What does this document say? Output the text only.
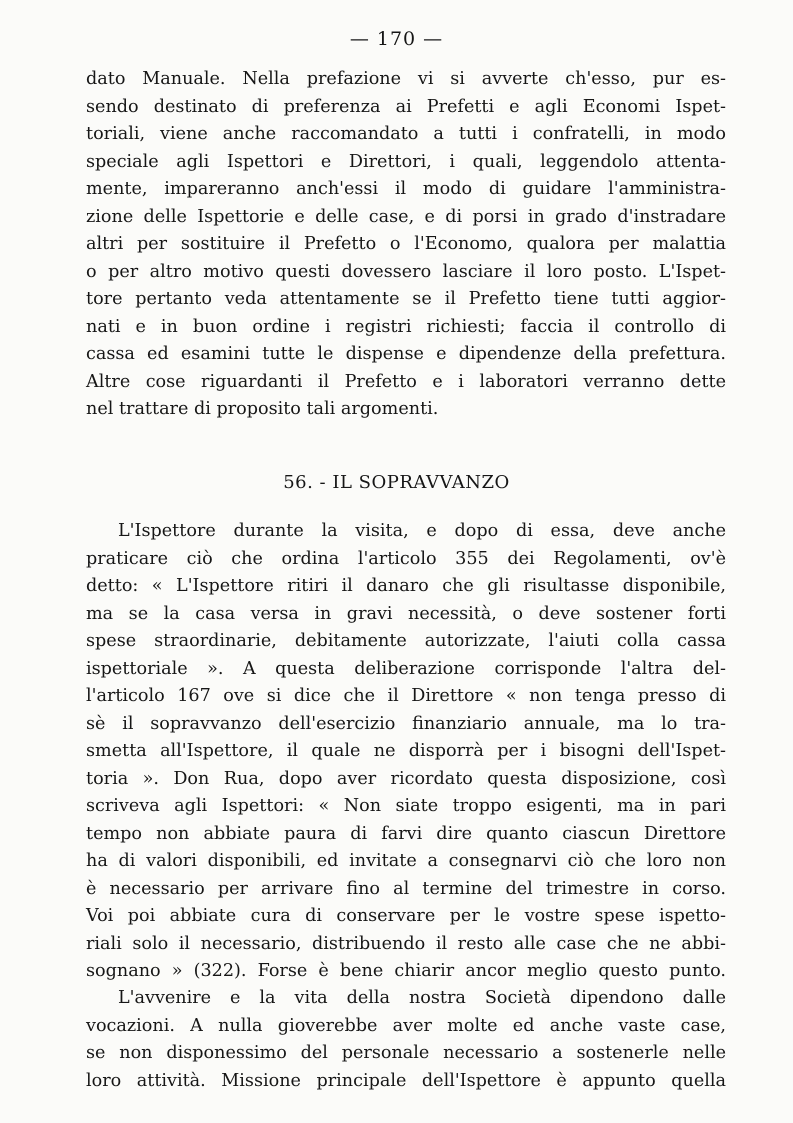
— 170 —
dato Manuale. Nella prefazione vi si avverte ch'esso, pur es-
sendo destinato di preferenza ai Prefetti e agli Economi Ispet-
toriali, viene anche raccomandato a tutti i confratelli, in modo
speciale agli Ispettori e Direttori, i quali, leggendolo attenta-
mente, impareranno anch'essi il modo di guidare l'amministra-
zione delle Ispettorie e delle case, e di porsi in grado d'instradare
altri per sostituire il Prefetto o l'Economo, qualora per malattia
o per altro motivo questi dovessero lasciare il loro posto. L'Ispet-
tore pertanto veda attentamente se il Prefetto tiene tutti aggior-
nati e in buon ordine i registri richiesti; faccia il controllo di
cassa ed esamini tutte le dispense e dipendenze della prefettura.
Altre cose riguardanti il Prefetto e i laboratori verranno dette
nel trattare di proposito tali argomenti.
56. - IL SOPRAVVANZO
L'Ispettore durante la visita, e dopo di essa, deve anche
praticare ciò che ordina l'articolo 355 dei Regolamenti, ov'è
detto: « L'Ispettore ritiri il danaro che gli risultasse disponibile,
ma se la casa versa in gravi necessità, o deve sostener forti
spese straordinarie, debitamente autorizzate, l'aiuti colla cassa
ispettoriale ». A questa deliberazione corrisponde l'altra del-
l'articolo 167 ove si dice che il Direttore « non tenga presso di
sè il sopravvanzo dell'esercizio finanziario annuale, ma lo tra-
smetta all'Ispettore, il quale ne disporrà per i bisogni dell'Ispet-
toria ». Don Rua, dopo aver ricordato questa disposizione, così
scriveva agli Ispettori: « Non siate troppo esigenti, ma in pari
tempo non abbiate paura di farvi dire quanto ciascun Direttore
ha di valori disponibili, ed invitate a consegnarvi ciò che loro non
è necessario per arrivare fino al termine del trimestre in corso.
Voi poi abbiate cura di conservare per le vostre spese ispetto-
riali solo il necessario, distribuendo il resto alle case che ne abbi-
sognano » (322). Forse è bene chiarir ancor meglio questo punto.
L'avvenire e la vita della nostra Società dipendono dalle
vocazioni. A nulla gioverebbe aver molte ed anche vaste case,
se non disponessimo del personale necessario a sostenerle nelle
loro attività. Missione principale dell'Ispettore è appunto quella
